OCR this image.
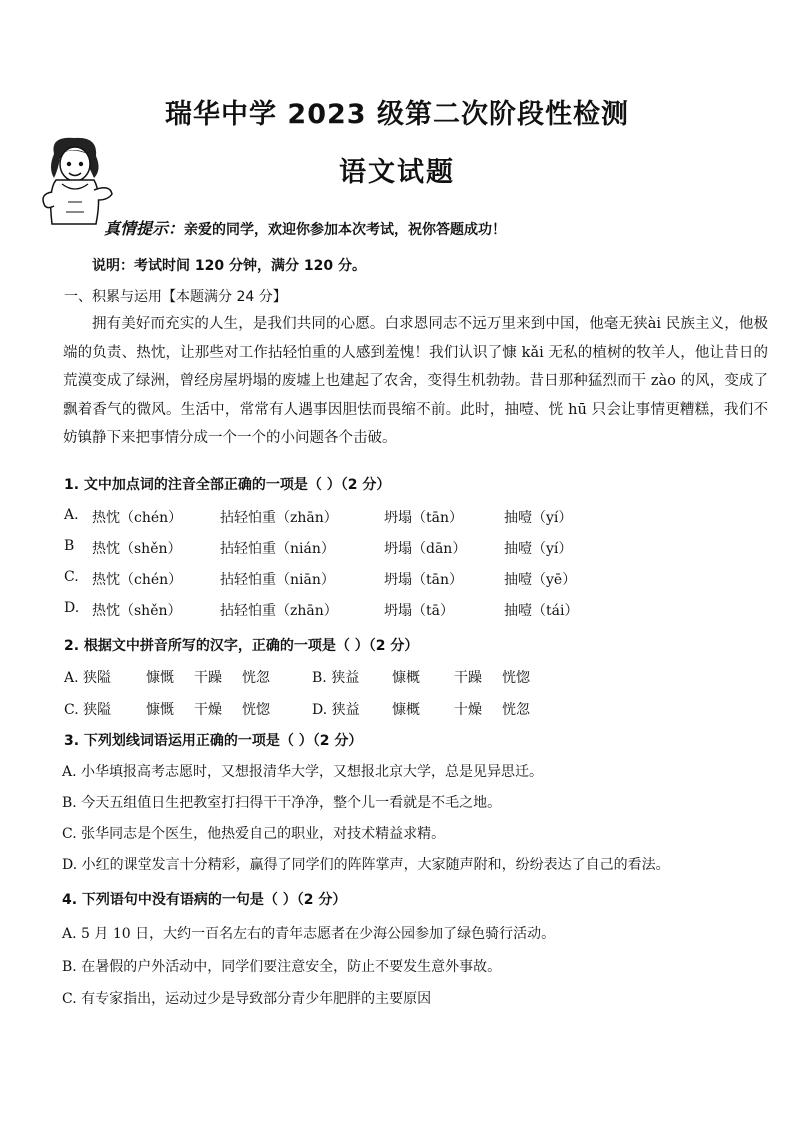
瑞华中学 2023 级第二次阶段性检测
语文试题
真情提示：亲爱的同学，欢迎你参加本次考试，祝你答题成功！
说明：考试时间 120 分钟，满分 120 分。
一、积累与运用【本题满分 24 分】
拥有美好而充实的人生，是我们共同的心愿。白求恩同志不远万里来到中国，他毫无狭ài 民族主义，他极端的负责、热忱，让那些对工作拈轻怕重的人感到羞愧！我们认识了慷 kǎi 无私的植树的牧羊人，他让昔日的荒漠变成了绿洲，曾经房屋坍塌的废墟上也建起了农舍，变得生机勃勃。昔日那种猛烈而干 zào 的风，变成了飘着香气的微风。生活中，常常有人遇事因胆怯而畏缩不前。此时，抽噎、恍 hū 只会让事情更糟糕，我们不妨镇静下来把事情分成一个一个的小问题各个击破。
1. 文中加点词的注音全部正确的一项是（ ）（2 分）
A. 热忱（chén）	拈轻怕重（zhān）	坍塌（tān）	抽噎（yí）
B 热忱（shěn）	拈轻怕重（nián）	坍塌（dān）	抽噎（yí）
C. 热忱（chén）	拈轻怕重（niān）	坍塌（tān）	抽噎（yē）
D. 热忱（shěn）	拈轻怕重（zhān）	坍塌（tā）	抽噎（tái）
2. 根据文中拼音所写的汉字，正确的一项是（ ）（2 分）
A. 狭隘 慷慨 干躁 恍忽	B. 狭益 慷概 干躁 恍惚
C. 狭隘 慷慨 干燥 恍惚	D. 狭益 慷概 十燥 恍忽
3. 下列划线词语运用正确的一项是（ ）（2 分）
A. 小华填报高考志愿时，又想报清华大学，又想报北京大学，总是见异思迁。
B. 今天五组值日生把教室打扫得干干净净，整个儿一看就是不毛之地。
C. 张华同志是个医生，他热爱自己的职业，对技术精益求精。
D. 小红的课堂发言十分精彩，赢得了同学们的阵阵掌声，大家随声附和，纷纷表达了自己的看法。
4. 下列语句中没有语病的一句是（ ）（2 分）
A. 5 月 10 日，大约一百名左右的青年志愿者在少海公园参加了绿色骑行活动。
B. 在暑假的户外活动中，同学们要注意安全，防止不要发生意外事故。
C. 有专家指出，运动过少是导致部分青少年肥胖的主要原因
